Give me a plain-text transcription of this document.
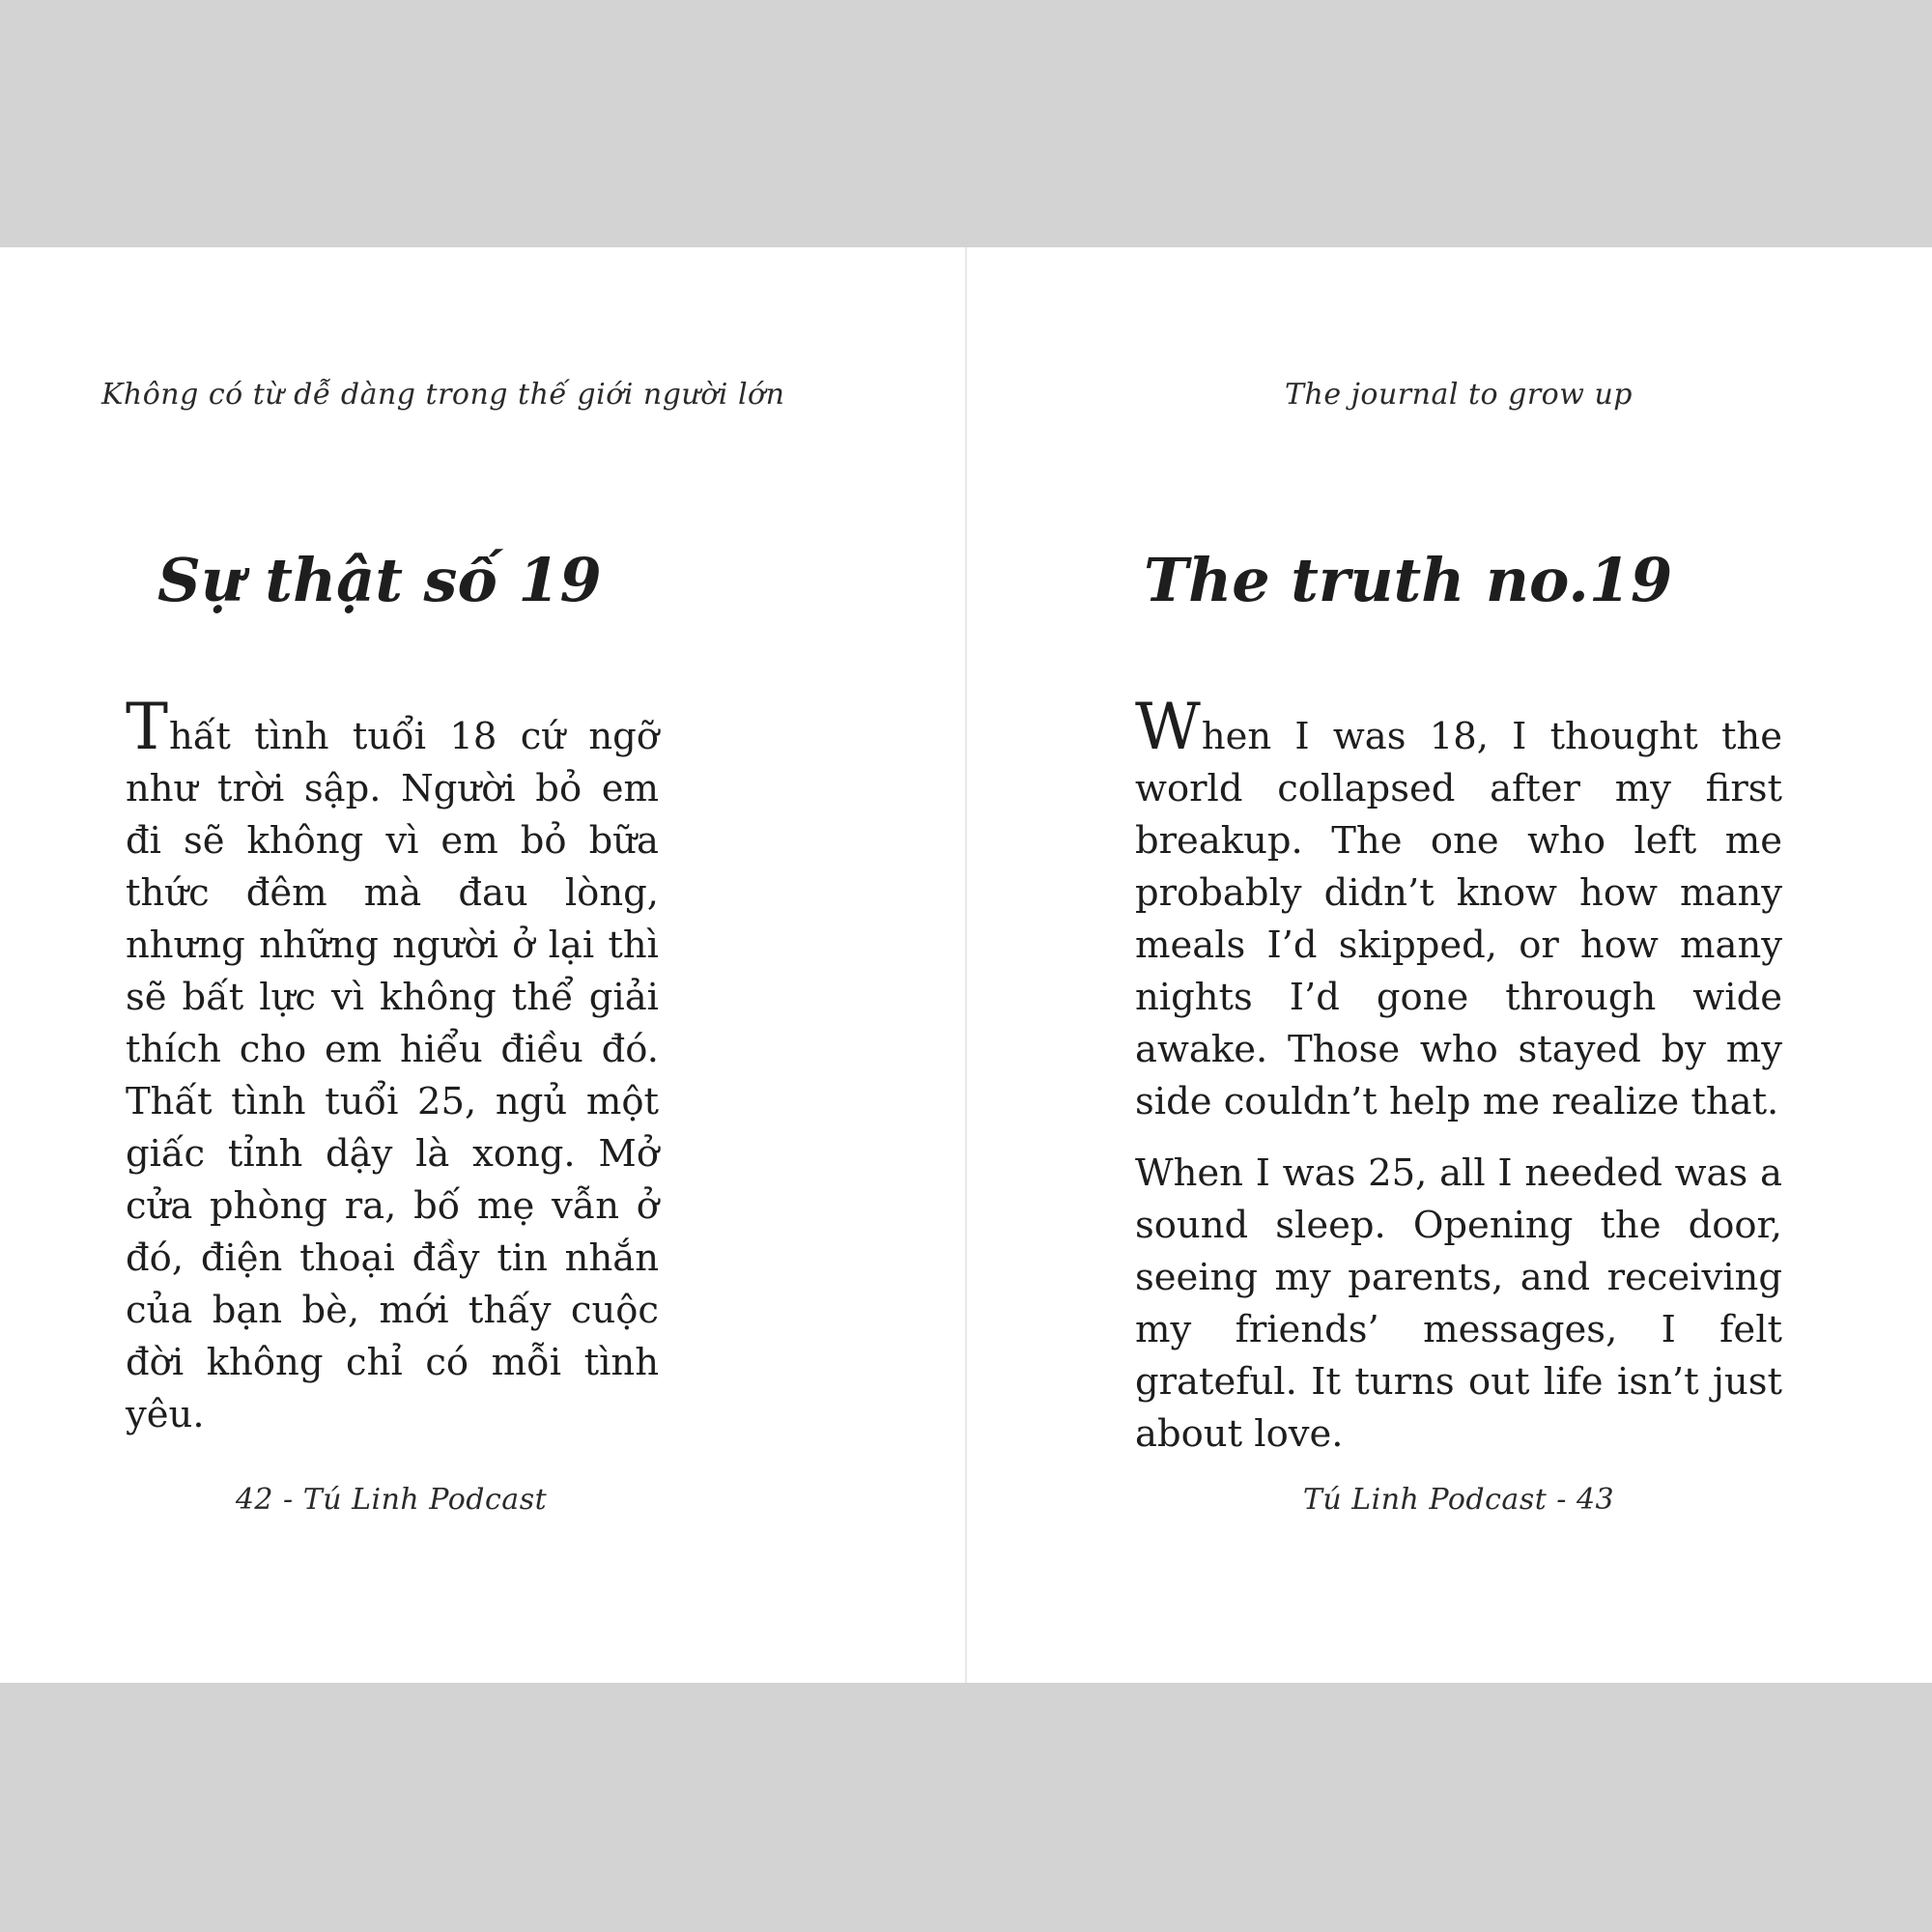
Không có từ dễ dàng trong thế giới người lớn
Sự thật số 19

Thất tình tuổi 18 cứ ngỡ như trời sập. Người bỏ em đi sẽ không vì em bỏ bữa thức đêm mà đau lòng, nhưng những người ở lại thì sẽ bất lực vì không thể giải thích cho em hiểu điều đó. Thất tình tuổi 25, ngủ một giấc tỉnh dậy là xong. Mở cửa phòng ra, bố mẹ vẫn ở đó, điện thoại đầy tin nhắn của bạn bè, mới thấy cuộc đời không chỉ có mỗi tình yêu.

42 - Tú Linh Podcast
The journal to grow up
The truth no.19

When I was 18, I thought the world collapsed after my first breakup. The one who left me probably didn’t know how many meals I’d skipped, or how many nights I’d gone through wide awake. Those who stayed by my side couldn’t help me realize that.

When I was 25, all I needed was a sound sleep. Opening the door, seeing my parents, and receiving my friends’ messages, I felt grateful. It turns out life isn’t just about love.

Tú Linh Podcast - 43
